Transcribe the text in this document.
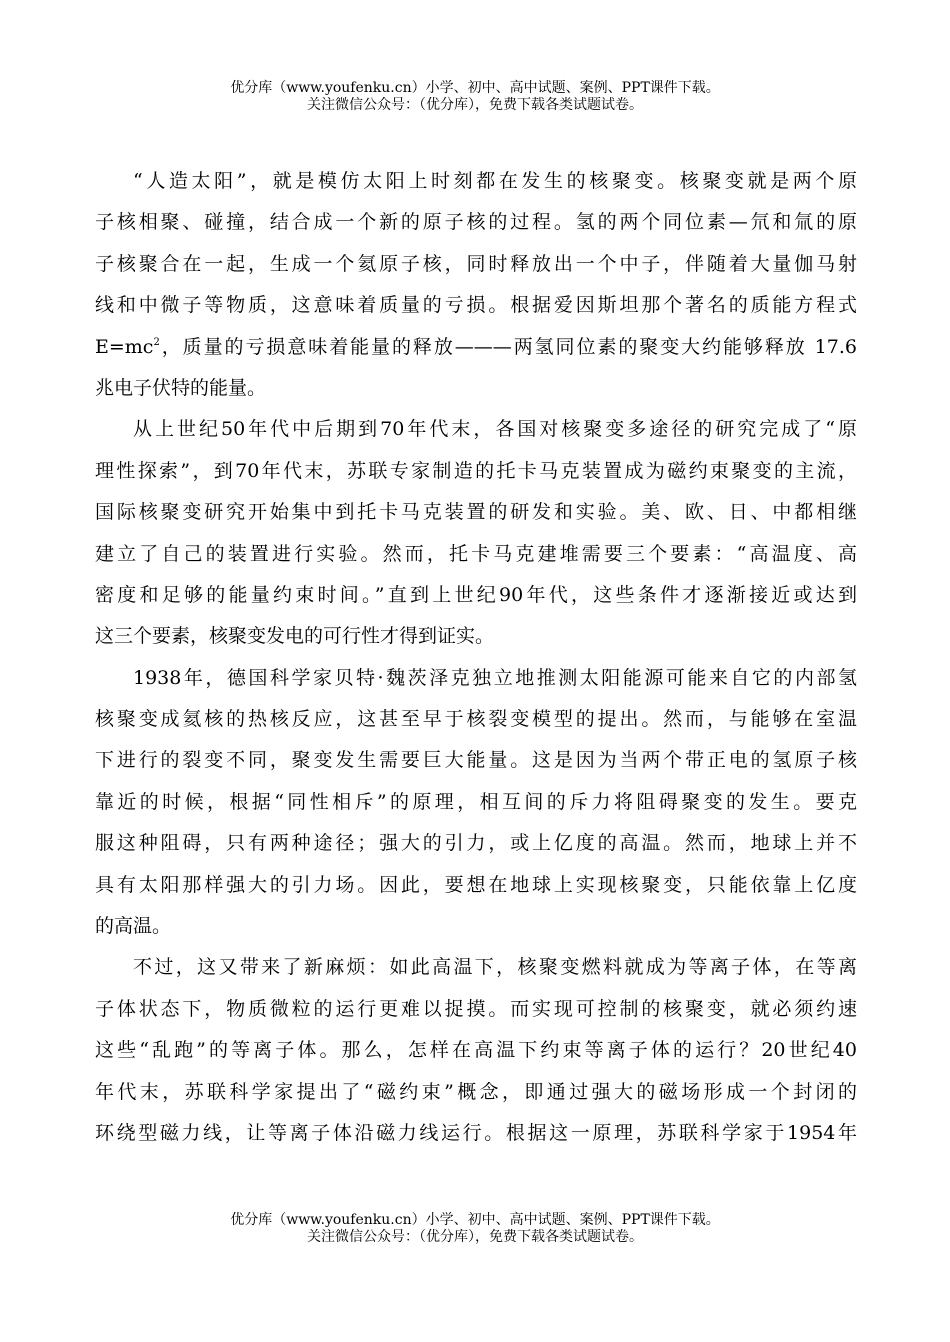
优分库（www.youfenku.cn）小学、初中、高中试题、案例、PPT课件下载。
关注微信公众号：（优分库），免费下载各类试题试卷。
“人造太阳”，就是模仿太阳上时刻都在发生的核聚变。核聚变就是两个原
子核相聚、碰撞，结合成一个新的原子核的过程。氢的两个同位素—氘和氚的原
子核聚合在一起，生成一个氦原子核，同时释放出一个中子，伴随着大量伽马射
线和中微子等物质，这意味着质量的亏损。根据爱因斯坦那个著名的质能方程式
$E=mc^2$，质量的亏损意味着能量的释放———两氢同位素的聚变大约能够释放 17.6
兆电子伏特的能量。
从上世纪50年代中后期到70年代末，各国对核聚变多途径的研究完成了“原
理性探索”，到70年代末，苏联专家制造的托卡马克装置成为磁约束聚变的主流，
国际核聚变研究开始集中到托卡马克装置的研发和实验。美、欧、日、中都相继
建立了自己的装置进行实验。然而，托卡马克建堆需要三个要素：“高温度、高
密度和足够的能量约束时间。”直到上世纪90年代，这些条件才逐渐接近或达到
这三个要素，核聚变发电的可行性才得到证实。
1938年，德国科学家贝特·魏茨泽克独立地推测太阳能源可能来自它的内部氢
核聚变成氦核的热核反应，这甚至早于核裂变模型的提出。然而，与能够在室温
下进行的裂变不同，聚变发生需要巨大能量。这是因为当两个带正电的氢原子核
靠近的时候，根据“同性相斥”的原理，相互间的斥力将阻碍聚变的发生。要克
服这种阻碍，只有两种途径；强大的引力，或上亿度的高温。然而，地球上并不
具有太阳那样强大的引力场。因此，要想在地球上实现核聚变，只能依靠上亿度
的高温。
不过，这又带来了新麻烦：如此高温下，核聚变燃料就成为等离子体，在等离
子体状态下，物质微粒的运行更难以捉摸。而实现可控制的核聚变，就必须约速
这些“乱跑”的等离子体。那么，怎样在高温下约束等离子体的运行？20世纪40
年代末，苏联科学家提出了“磁约束”概念，即通过强大的磁场形成一个封闭的
环绕型磁力线，让等离子体沿磁力线运行。根据这一原理，苏联科学家于1954年
优分库（www.youfenku.cn）小学、初中、高中试题、案例、PPT课件下载。
关注微信公众号：（优分库），免费下载各类试题试卷。
